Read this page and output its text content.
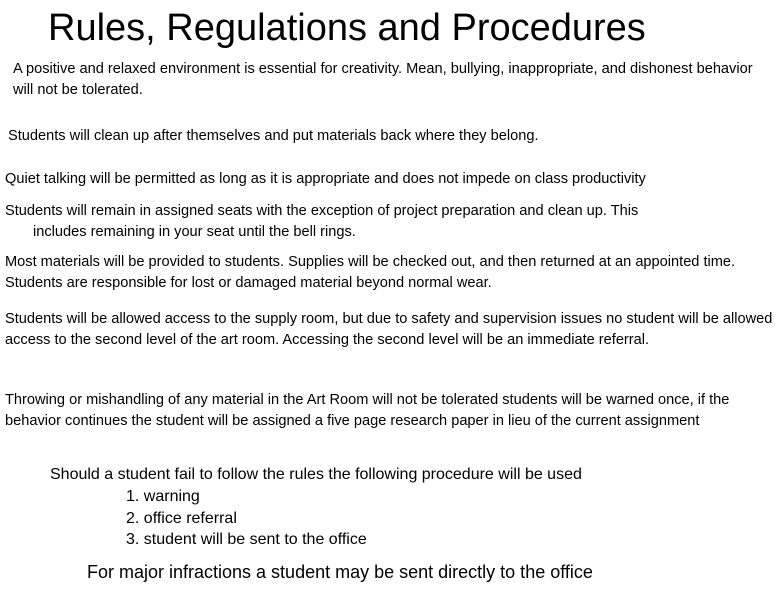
Rules, Regulations and Procedures

A positive and relaxed environment is essential for creativity. Mean, bullying, inappropriate, and dishonest behavior will not be tolerated.

Students will clean up after themselves and put materials back where they belong.

Quiet talking will be permitted as long as it is appropriate and does not impede on class productivity

Students will remain in assigned seats with the exception of project preparation and clean up. This
includes remaining in your seat until the bell rings.

Most materials will be provided to students. Supplies will be checked out, and then returned at an appointed time. Students are responsible for lost or damaged material beyond normal wear.

Students will be allowed access to the supply room, but due to safety and supervision issues no student will be allowed access to the second level of the art room. Accessing the second level will be an immediate referral.

Throwing or mishandling of any material in the Art Room will not be tolerated students will be warned once, if the behavior continues the student will be assigned a five page research paper in lieu of the current assignment

Should a student fail to follow the rules the following procedure will be used

1. warning
2. office referral
3. student will be sent to the office

For major infractions a student may be sent directly to the office
